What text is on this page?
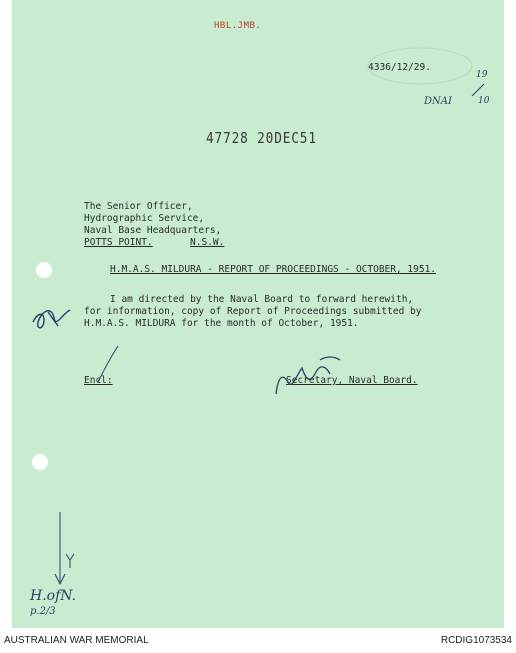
HBL.JMB.
4336/12/29.
DNAI
19
10
47728 20DEC51
The Senior Officer,
Hydrographic Service,
Naval Base Headquarters,
POTTS POINT.	N.S.W.
H.M.A.S. MILDURA - REPORT OF PROCEEDINGS - OCTOBER, 1951.
I am directed by the Naval Board to forward herewith,
for information, copy of Report of Proceedings submitted by
H.M.A.S. MILDURA for the month of October, 1951.
Encl:	Secretary, Naval Board.
H.ofN.
p.2/3
AUSTRALIAN WAR MEMORIAL	RCDIG1073534
